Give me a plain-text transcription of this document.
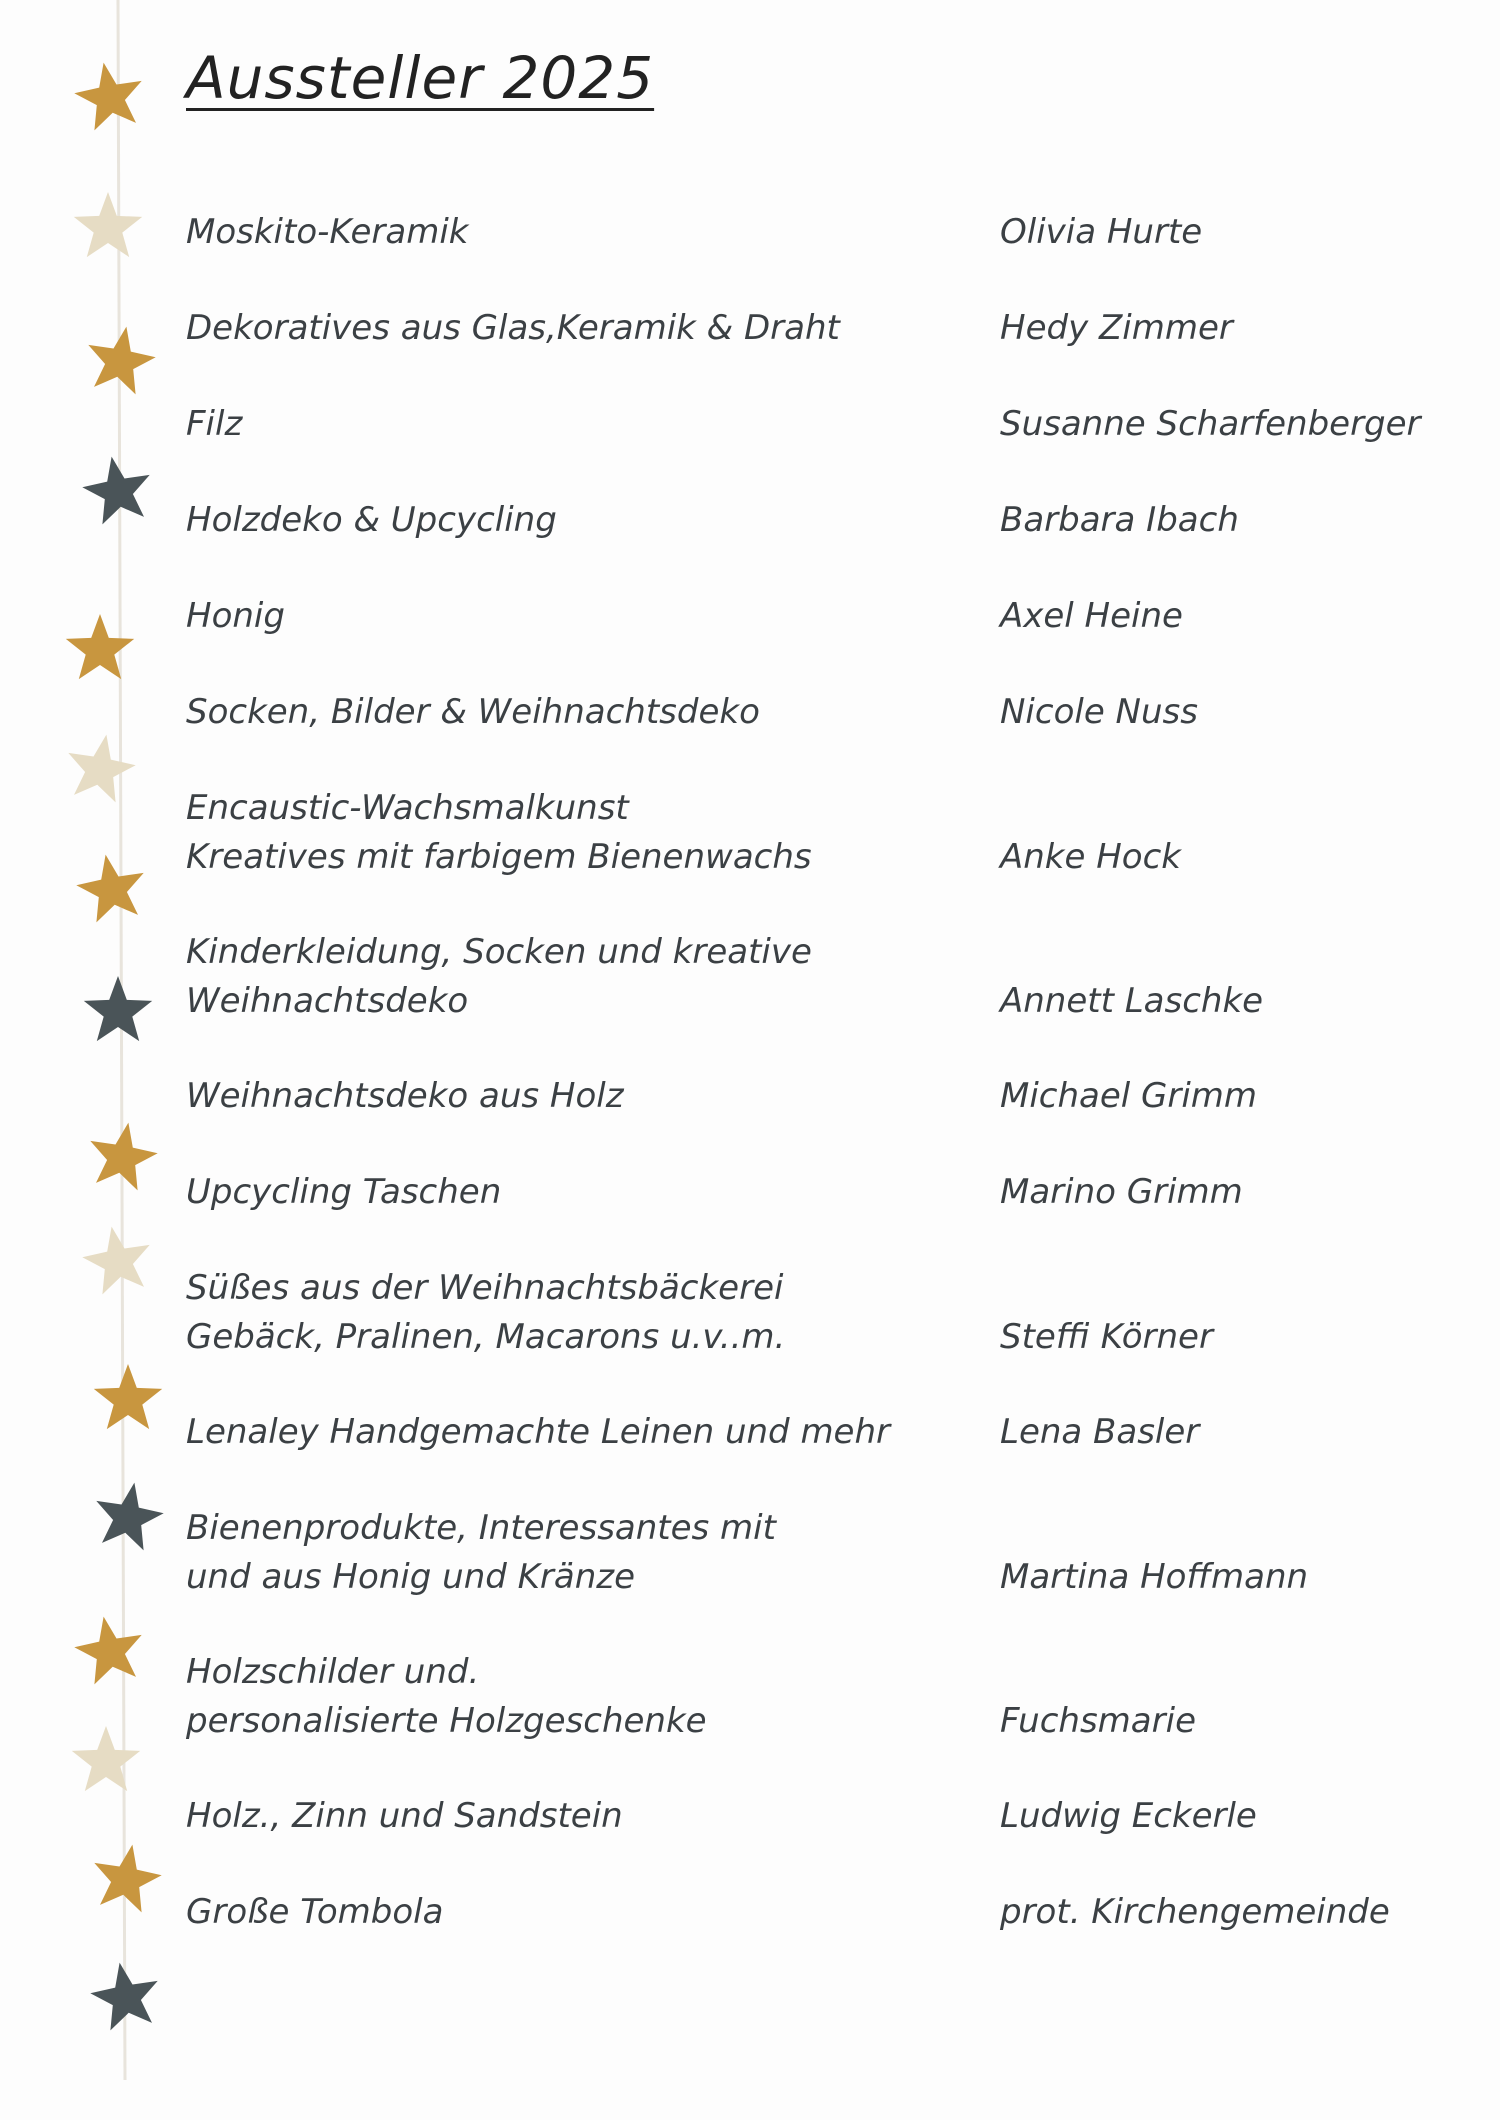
Aussteller 2025
Moskito-Keramik	Olivia Hurte
Dekoratives aus Glas,Keramik & Draht	Hedy Zimmer
Filz	Susanne Scharfenberger
Holzdeko & Upcycling	Barbara Ibach
Honig	Axel Heine
Socken, Bilder & Weihnachtsdeko	Nicole Nuss
Encaustic-Wachsmalkunst
Kreatives mit farbigem Bienenwachs	Anke Hock
Kinderkleidung, Socken und kreative
Weihnachtsdeko	Annett Laschke
Weihnachtsdeko aus Holz	Michael Grimm
Upcycling Taschen	Marino Grimm
Süßes aus der Weihnachtsbäckerei
Gebäck, Pralinen, Macarons u.v..m.	Steffi Körner
Lenaley Handgemachte Leinen und mehr	Lena Basler
Bienenprodukte, Interessantes mit
und aus Honig und Kränze	Martina Hoffmann
Holzschilder und.
personalisierte Holzgeschenke	Fuchsmarie
Holz., Zinn und Sandstein	Ludwig Eckerle
Große Tombola	prot. Kirchengemeinde
